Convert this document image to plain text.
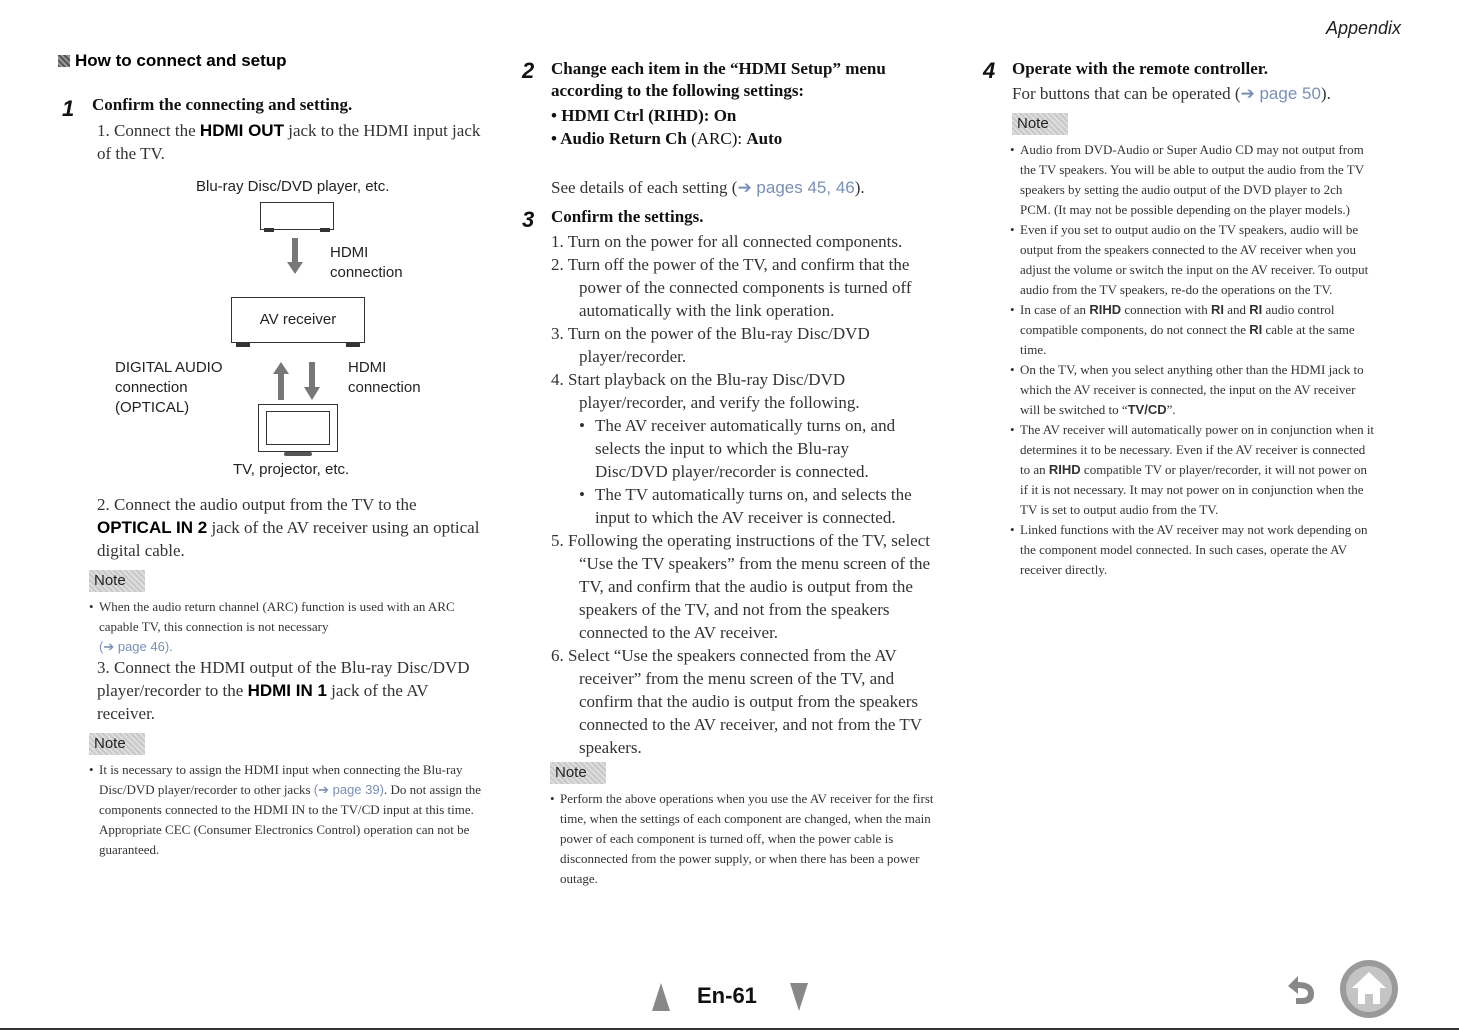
Appendix
How to connect and setup
1 Confirm the connecting and setting.
1. Connect the HDMI OUT jack to the HDMI input jack of the TV.
Blu-ray Disc/DVD player, etc.
HDMI
connection
AV receiver
DIGITAL AUDIO
connection
(OPTICAL)
HDMI
connection
TV, projector, etc.
2. Connect the audio output from the TV to the OPTICAL IN 2 jack of the AV receiver using an optical digital cable.
Note
• When the audio return channel (ARC) function is used with an ARC capable TV, this connection is not necessary
(➔ page 46).
3. Connect the HDMI output of the Blu-ray Disc/DVD player/recorder to the HDMI IN 1 jack of the AV receiver.
Note
• It is necessary to assign the HDMI input when connecting the Blu-ray Disc/DVD player/recorder to other jacks (➔ page 39). Do not assign the components connected to the HDMI IN to the TV/CD input at this time. Appropriate CEC (Consumer Electronics Control) operation can not be guaranteed.
2 Change each item in the “HDMI Setup” menu according to the following settings:
• HDMI Ctrl (RIHD): On
• Audio Return Ch (ARC): Auto
See details of each setting (➔ pages 45, 46).
3 Confirm the settings.
1. Turn on the power for all connected components.
2. Turn off the power of the TV, and confirm that the power of the connected components is turned off automatically with the link operation.
3. Turn on the power of the Blu-ray Disc/DVD player/recorder.
4. Start playback on the Blu-ray Disc/DVD player/recorder, and verify the following.
• The AV receiver automatically turns on, and selects the input to which the Blu-ray Disc/DVD player/recorder is connected.
• The TV automatically turns on, and selects the input to which the AV receiver is connected.
5. Following the operating instructions of the TV, select “Use the TV speakers” from the menu screen of the TV, and confirm that the audio is output from the speakers of the TV, and not from the speakers connected to the AV receiver.
6. Select “Use the speakers connected from the AV receiver” from the menu screen of the TV, and confirm that the audio is output from the speakers connected to the AV receiver, and not from the TV speakers.
Note
• Perform the above operations when you use the AV receiver for the first time, when the settings of each component are changed, when the main power of each component is turned off, when the power cable is disconnected from the power supply, or when there has been a power outage.
4 Operate with the remote controller.
For buttons that can be operated (➔ page 50).
Note
• Audio from DVD-Audio or Super Audio CD may not output from the TV speakers. You will be able to output the audio from the TV speakers by setting the audio output of the DVD player to 2ch PCM. (It may not be possible depending on the player models.)
• Even if you set to output audio on the TV speakers, audio will be output from the speakers connected to the AV receiver when you adjust the volume or switch the input on the AV receiver. To output audio from the TV speakers, re-do the operations on the TV.
• In case of an RIHD connection with RI and RI audio control compatible components, do not connect the RI cable at the same time.
• On the TV, when you select anything other than the HDMI jack to which the AV receiver is connected, the input on the AV receiver will be switched to “TV/CD”.
• The AV receiver will automatically power on in conjunction when it determines it to be necessary. Even if the AV receiver is connected to an RIHD compatible TV or player/recorder, it will not power on if it is not necessary. It may not power on in conjunction when the TV is set to output audio from the TV.
• Linked functions with the AV receiver may not work depending on the component model connected. In such cases, operate the AV receiver directly.
En-61
